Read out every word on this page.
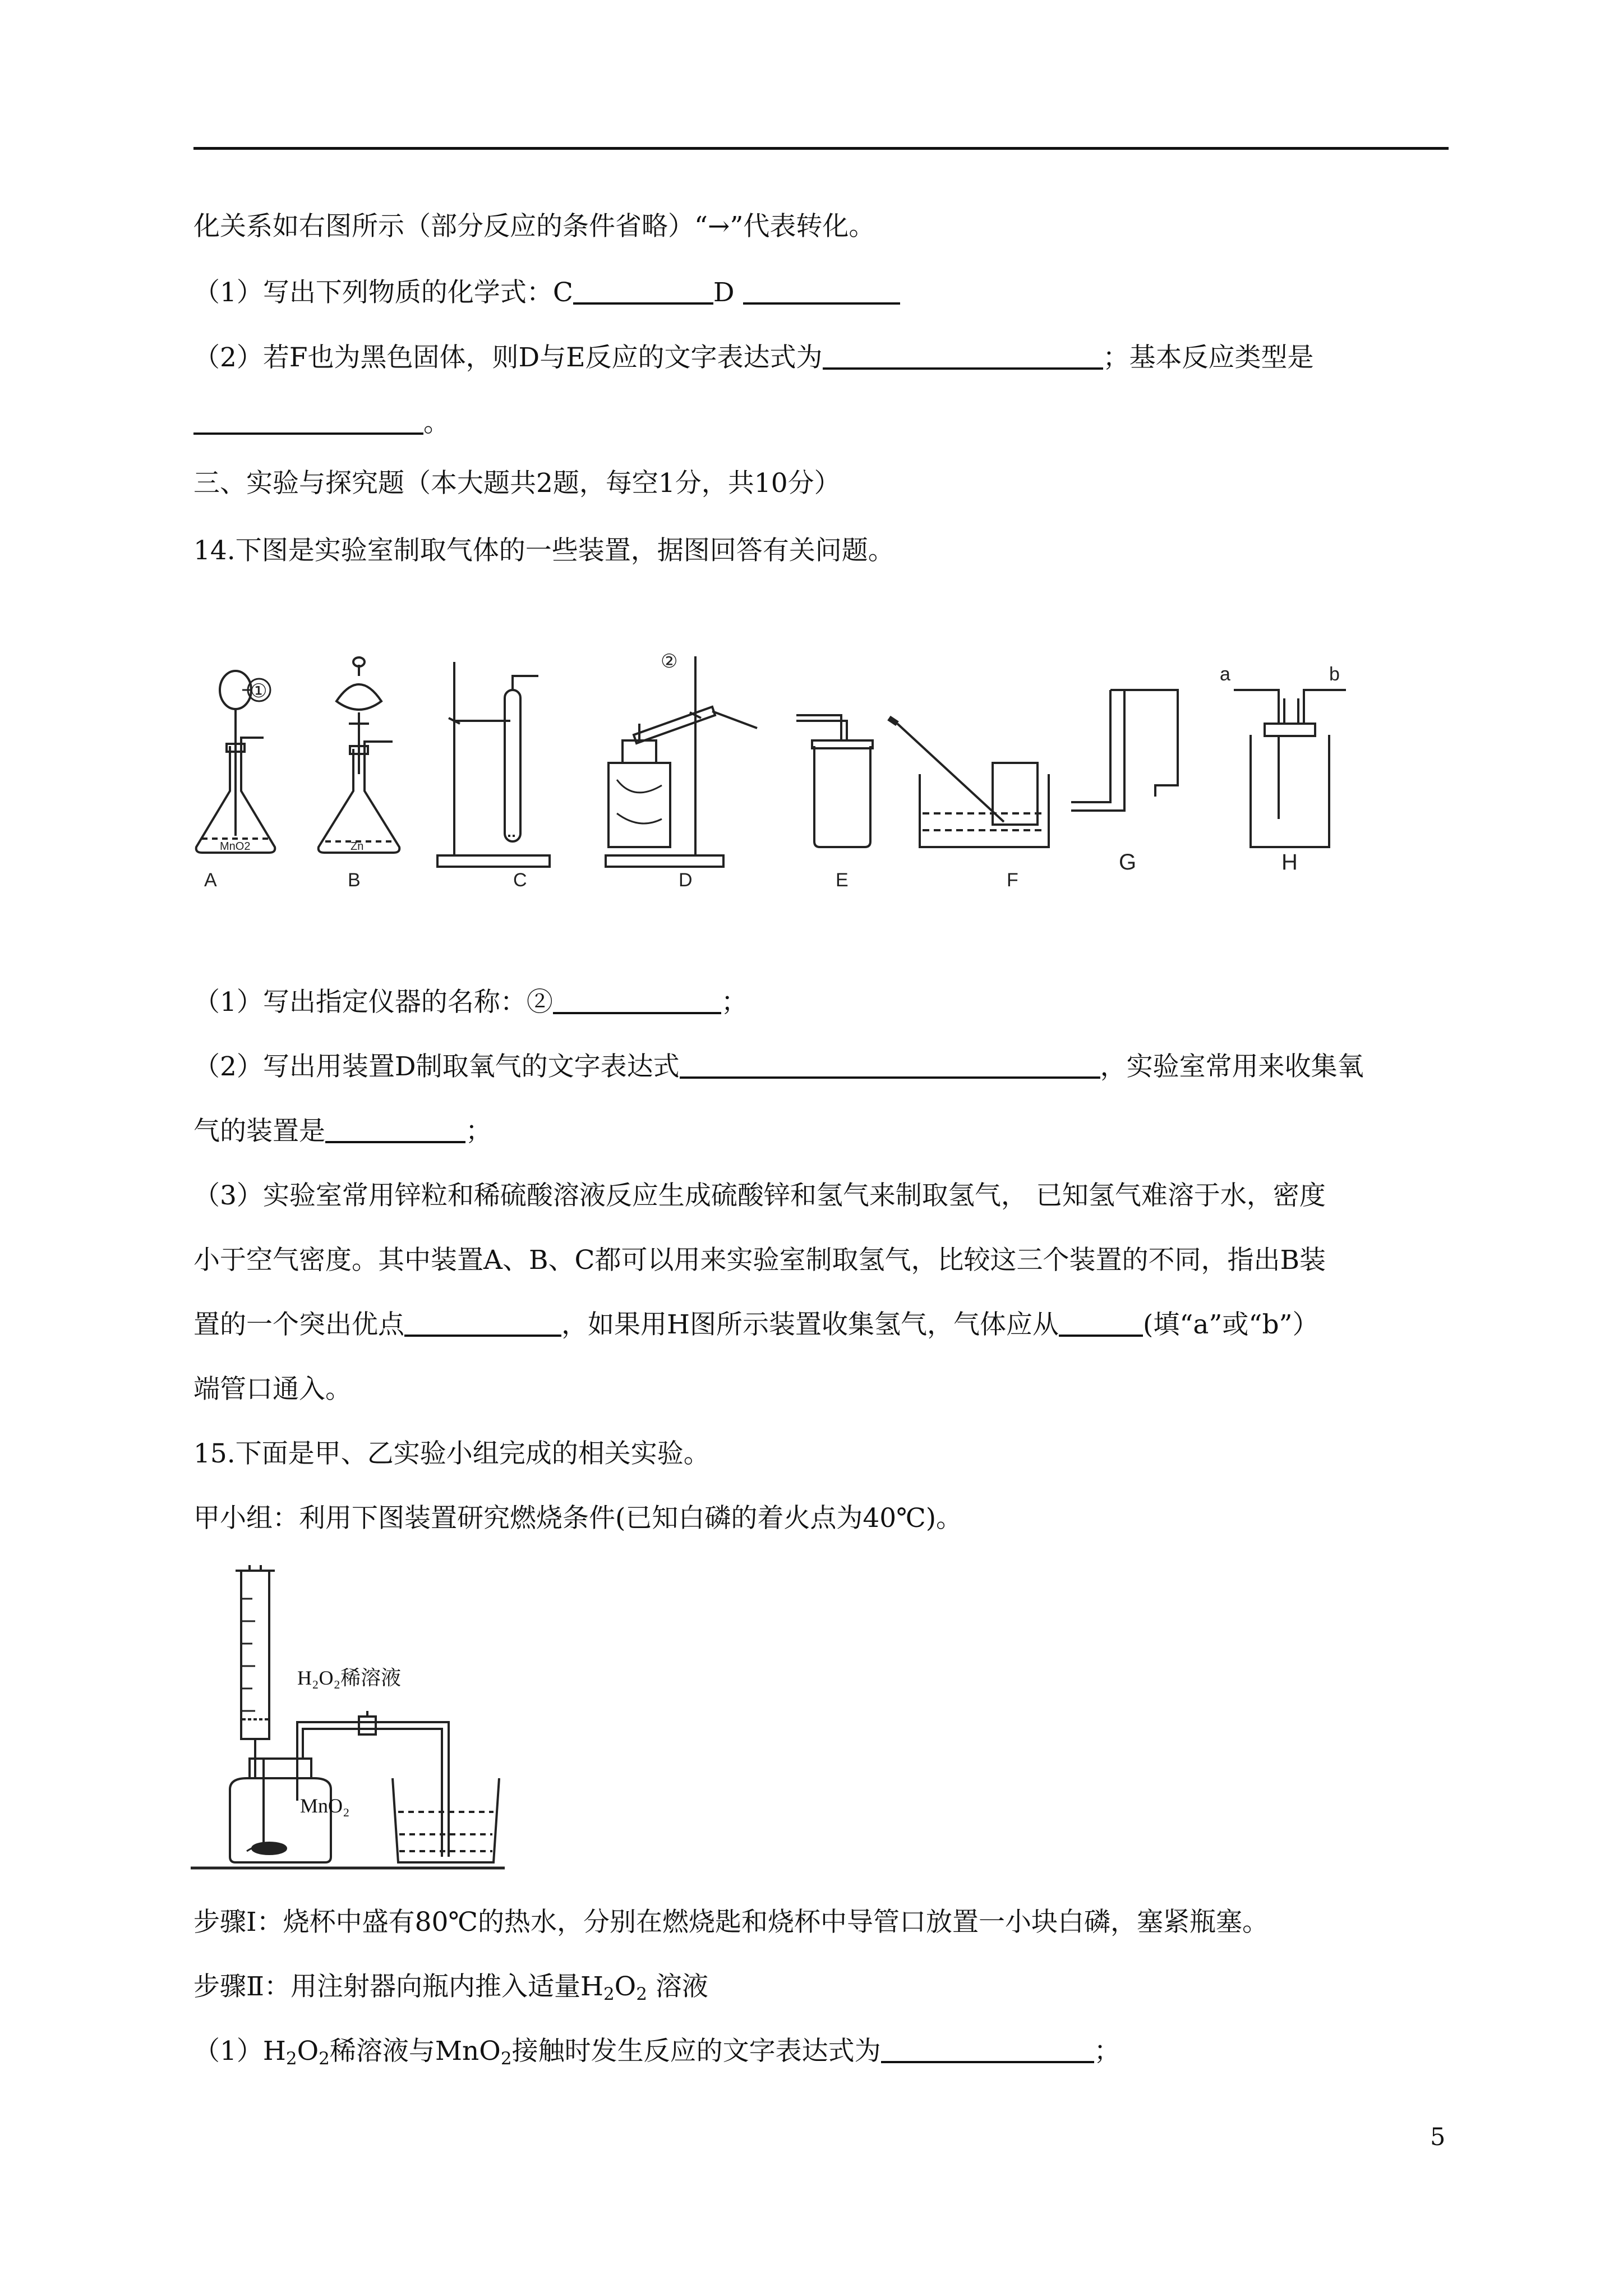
化关系如右图所示（部分反应的条件省略）“→”代表转化。
（1）写出下列物质的化学式：C	D
（2）若F也为黑色固体，则D与E反应的文字表达式为	；基本反应类型是
。
三、实验与探究题（本大题共2题，每空1分，共10分）
14.下图是实验室制取气体的一些装置，据图回答有关问题。
①
MnO2	Zn
②
a	b
A	B	C	D	E	F
G	H
（1）写出指定仪器的名称：②	；
（2）写出用装置D制取氧气的文字表达式	，实验室常用来收集氧
气的装置是	；
（3）实验室常用锌粒和稀硫酸溶液反应生成硫酸锌和氢气来制取氢气， 已知氢气难溶于水，密度
小于空气密度。其中装置A、B、C都可以用来实验室制取氢气，比较这三个装置的不同，指出B装
置的一个突出优点	，如果用H图所示装置收集氢气，气体应从	(填“a”或“b”）
端管口通入。
15.下面是甲、乙实验小组完成的相关实验。
甲小组：利用下图装置研究燃烧条件(已知白磷的着火点为40℃)。
H₂O₂稀溶液
MnO₂
步骤Ⅰ：烧杯中盛有80℃的热水，分别在燃烧匙和烧杯中导管口放置一小块白磷，塞紧瓶塞。
步骤Ⅱ：用注射器向瓶内推入适量$H_2O_2$ 溶液
$(1)H_2O_2$稀溶液与MnO$_2$接触时发生反应的文字表达式为	；
5
